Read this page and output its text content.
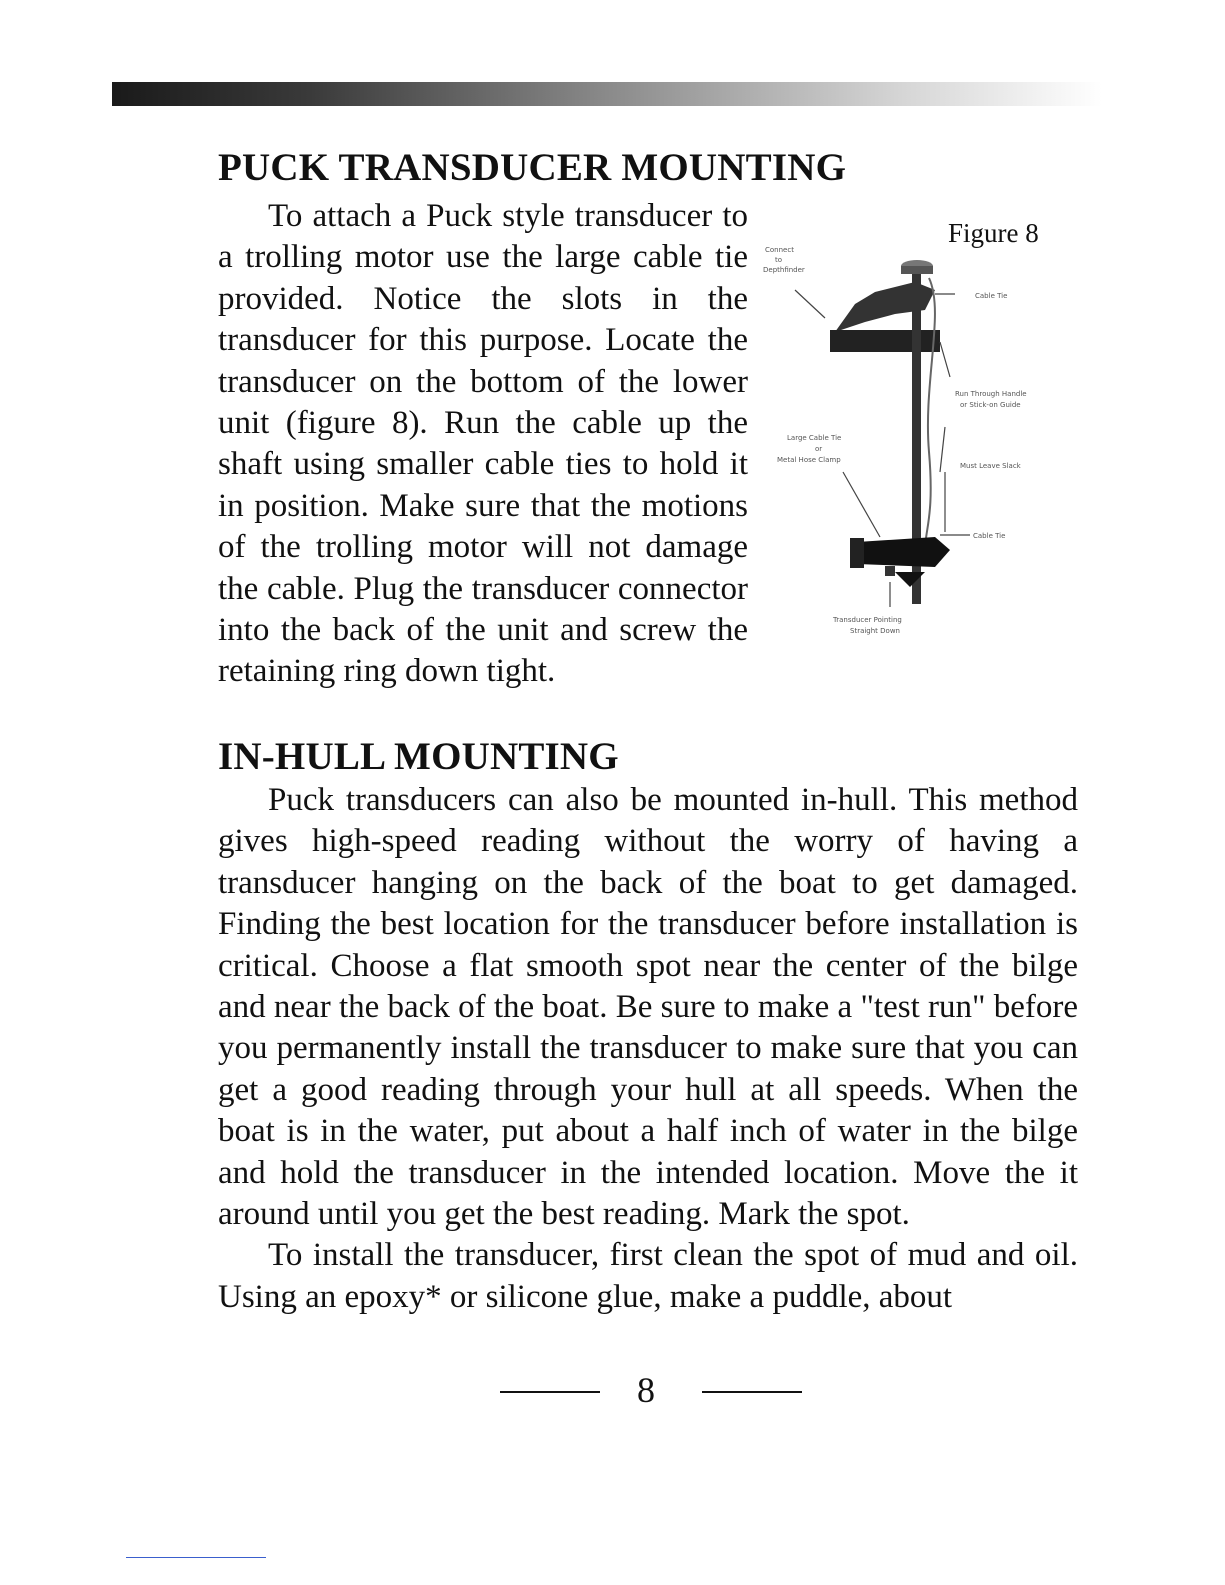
PUCK TRANSDUCER MOUNTING

To attach a Puck style transducer to a trolling motor use the large cable tie provided. Notice the slots in the transducer for this purpose. Locate the transducer on the bottom of the lower unit (figure 8). Run the cable up the shaft using smaller cable ties to hold it in position. Make sure that the motions of the trolling motor will not damage the cable. Plug the transducer connector into the back of the unit and screw the retaining ring down tight.

Figure 8
Connect
to
Depthfinder
Cable Tie
Run Through Handle
or Stick-on Guide
Large Cable Tie
or
Metal Hose Clamp
Must Leave Slack
Cable Tie
Transducer Pointing
Straight Down
IN-HULL MOUNTING

Puck transducers can also be mounted in-hull. This method gives high-speed reading without the worry of having a transducer hanging on the back of the boat to get damaged. Finding the best location for the transducer before installation is critical. Choose a flat smooth spot near the center of the bilge and near the back of the boat. Be sure to make a "test run" before you permanently install the transducer to make sure that you can get a good reading through your hull at all speeds. When the boat is in the water, put about a half inch of water in the bilge and hold the transducer in the intended location. Move the it around until you get the best reading. Mark the spot.

To install the transducer, first clean the spot of mud and oil. Using an epoxy* or silicone glue, make a puddle, about

8
